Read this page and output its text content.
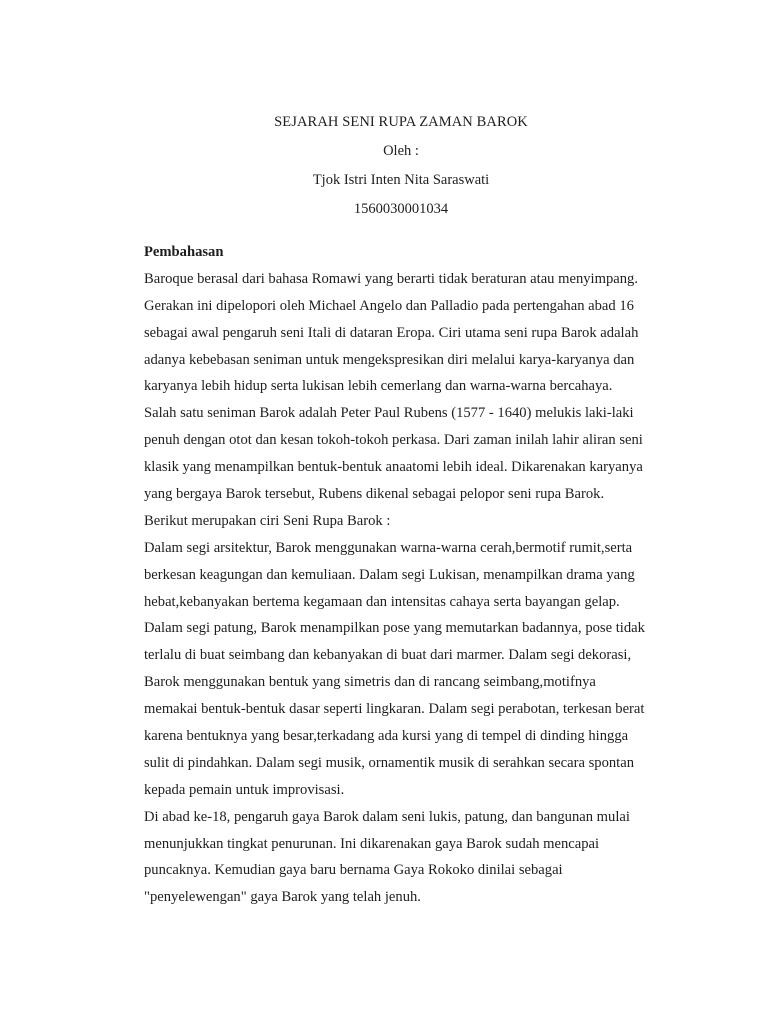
SEJARAH SENI RUPA ZAMAN BAROK
Oleh :
Tjok Istri Inten Nita Saraswati
1560030001034
Pembahasan
Baroque berasal dari bahasa Romawi yang berarti tidak beraturan atau menyimpang.
Gerakan ini dipelopori oleh Michael Angelo dan Palladio pada pertengahan abad 16
sebagai awal pengaruh seni Itali di dataran Eropa. Ciri utama seni rupa Barok adalah
adanya kebebasan seniman untuk mengekspresikan diri melalui karya-karyanya dan
karyanya lebih hidup serta lukisan lebih cemerlang dan warna-warna bercahaya.
Salah satu seniman Barok adalah Peter Paul Rubens (1577 - 1640) melukis laki-laki
penuh dengan otot dan kesan tokoh-tokoh perkasa. Dari zaman inilah lahir aliran seni
klasik yang menampilkan bentuk-bentuk anaatomi lebih ideal. Dikarenakan karyanya
yang bergaya Barok tersebut, Rubens dikenal sebagai pelopor seni rupa Barok.
Berikut merupakan ciri Seni Rupa Barok :
Dalam segi arsitektur, Barok menggunakan warna-warna cerah,bermotif rumit,serta
berkesan keagungan dan kemuliaan. Dalam segi Lukisan, menampilkan drama yang
hebat,kebanyakan bertema kegamaan dan intensitas cahaya serta bayangan gelap.
Dalam segi patung, Barok menampilkan pose yang memutarkan badannya, pose tidak
terlalu di buat seimbang dan kebanyakan di buat dari marmer. Dalam segi dekorasi,
Barok menggunakan bentuk yang simetris dan di rancang seimbang,motifnya
memakai bentuk-bentuk dasar seperti lingkaran. Dalam segi perabotan, terkesan berat
karena bentuknya yang besar,terkadang ada kursi yang di tempel di dinding hingga
sulit di pindahkan. Dalam segi musik, ornamentik musik di serahkan secara spontan
kepada pemain untuk improvisasi.
Di abad ke-18, pengaruh gaya Barok dalam seni lukis, patung, dan bangunan mulai
menunjukkan tingkat penurunan. Ini dikarenakan gaya Barok sudah mencapai
puncaknya. Kemudian gaya baru bernama Gaya Rokoko dinilai sebagai
"penyelewengan" gaya Barok yang telah jenuh.
